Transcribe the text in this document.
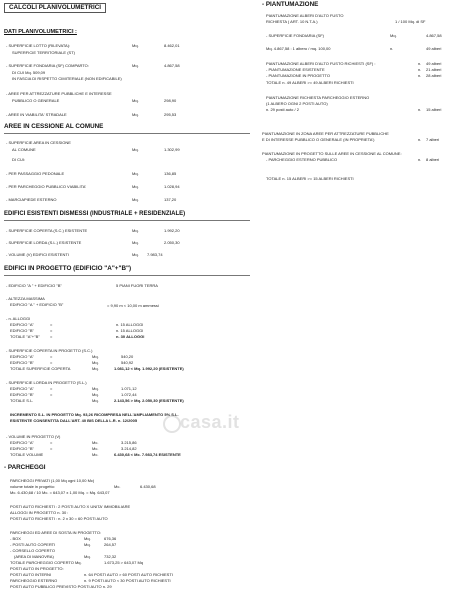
CALCOLI PLANIVOLUMETRICI
DATI PLANIVOLUMETRICI :
- SUPERFICIE LOTTO (RILEVATA):	Mq.	8.462,01
SUPERFICIE TERRITORIALE (ST)
- SUPERFICIE FONDIARIA (SF) COMPARTO:	Mq.	4.867,58
DI CUI Mq. 509,09
IN FASCIA DI RISPETTO CIMITERIALE (NON EDIFICABILE)
- AREE PER ATTREZZATURE PUBBLICHE E INTERESSE
PUBBLICO O GENERALE	Mq.	298,90
- AREE IN VIABILITA' STRADALE	Mq.	295,53
AREE IN CESSIONE AL COMUNE
- SUPERFICIE AREA IN CESSIONE
AL COMUNE	Mq.	1.302,99
DI CUI:
- PER PASSAGGIO PEDONALE	Mq.	136,85
- PER PARCHEGGIO PUBBLICO VIABILITA'	Mq.	1.028,94
- MARCIAPIEDE ESTERNO	Mq.	137,20
EDIFICI ESISTENTI DISMESSI (INDUSTRIALE + RESIDENZIALE)
- SUPERFICIE COPERTA (S.C.) ESISTENTE	Mq.	1.992,20
- SUPERFICIE LORDA (S.L.) ESISTENTE	Mq.	2.050,30
- VOLUME (V) EDIFICI ESISTENTI	Mq. 7.983,74
EDIFICI IN PROGETTO (EDIFICIO "A"+"B")
- EDIFICIO "A " + EDIFICIO "B"	5 PIANI FUORI TERRA
- ALTEZZA MASSIMA
EDIFICIO "A " + EDIFICIO "B"	= 9,90 m < 10,00 m ammessi
- n. ALLOGGI
EDIFICIO "A"	=	n. 15 ALLOGGI
EDIFICIO "B"	=	n. 15 ALLOGGI
TOTALE "A"+"B"	=	n. 30 ALLOGGI
- SUPERFICIE COPERTA IN PROGETTO (S.C.)
EDIFICIO "A"	=	Mq.	540,20
EDIFICIO "B"	=	Mq.	540,92
TOTALE SUPERFICIE COPERTA	Mq.	1.081,12 < Mq. 1.992,20 (ESISTENTE)
- SUPERFICIE LORDA IN PROGETTO (S.L.)
EDIFICIO "A"	=	Mq.	1.071,12
EDIFICIO "B"	=	Mq.	1.072,44
TOTALE S.L.	Mq.	2.143,56 > Mq. 2.050,30 (ESISTENTE)
INCREMENTO S.L. IN PROGETTO Mq. 93,26 RICOMPRESA NELL'AMPLIAMENTO 5% S.L.
ESISTENTE CONSENTITA DALL'ART. 40 BIS DELLA L.R. n. 12/2005
- VOLUME IN PROGETTO (V)
EDIFICIO "A"	=	Mc.	3.215,86
EDIFICIO "B"	=	Mc.	3.214,82
TOTALE VOLUME	Mc.	6.430,68 < Mc. 7.983,74 ESISTENTE
- PARCHEGGI
PARCHEGGI PRIVATI (1,00 Mq ogni 10,00 Mc)
volume totale in progetto:	Mc.	6.430,68
Mc. 6.430,68 / 10 Mc. = 643,07 x 1,00 Mq. = Mq. 643,07
POSTI AUTO RICHIESTI : 2 POSTI AUTO X UNITA' IMMOBILIARE
ALLOGGI IN PROGETTO n. 30 :
POSTI AUTO RICHIESTI : n. 2 x 30 = 60 POSTI AUTO
PARCHEGGI ED AREE DI SOSTA IN PROGETTO:
- BOX	Mq.	676,36
- POSTI AUTO COPERTI	Mq.	264,57
- CORSELLO COPERTO
(AREA DI MANOVRA)	Mq.	732,32
TOTALE PARCHEGGIO COPERTO Mq.	1.673,25 > 643,07 Mq
POSTI AUTO IN PROGETTO:
POSTI AUTO INTERNI	n. 64 POSTI AUTO > 60 POSTI AUTO RICHIESTI
PARCHEGGIO ESTERNO	n. 9 POSTI AUTO < 30 POSTI AUTO RICHIESTI
POSTI AUTO PUBBLICO PREVISTO POSTI AUTO n. 29
- PIANTUMAZIONE
PIANTUMAZIONE ALBERI D'ALTO FUSTO
RICHIESTA ( ART. 10 N.T.A.)	1 / 100 Mq. di SF
- SUPERFICIE FONDIARIA (SF)	Mq.	4.867,58
Mq. 4.867,58 : 1 albero / mq. 100,00	n.	49 alberi
PIANTUMAZIONE ALBERI D'ALTO FUSTO RICHIESTI (SF) :	n. 49 alberi
- PIANTUMAZIONE ESISTENTE	n. 21 alberi
- PIANTUMAZIONE IN PROGETTO	n. 28 alberi
TOTALE n. 49 ALBERI >= 49 ALBERI RICHIESTI
PIANTUMAZIONE RICHIESTA PARCHEGGIO ESTERNO
(1 ALBERO OGNI 2 POSTI AUTO)
n. 29 posti auto / 2	n. 15 alberi
PIANTUMAZIONE IN ZONA AREE PER ATTREZZATURE PUBBLICHE
E DI INTERESSE PUBBLICO O GENERALE (IN PROPRIETA')	n. 7 alberi
PIANTUMAZIONE IN PROGETTO SULLE AREE IN CESSIONE AL COMUNE:
- PARCHEGGIO ESTERNO PUBBLICO	n. 8 alberi
TOTALE n. 15 ALBERI >= 15 ALBERI RICHIESTI
casa.it
